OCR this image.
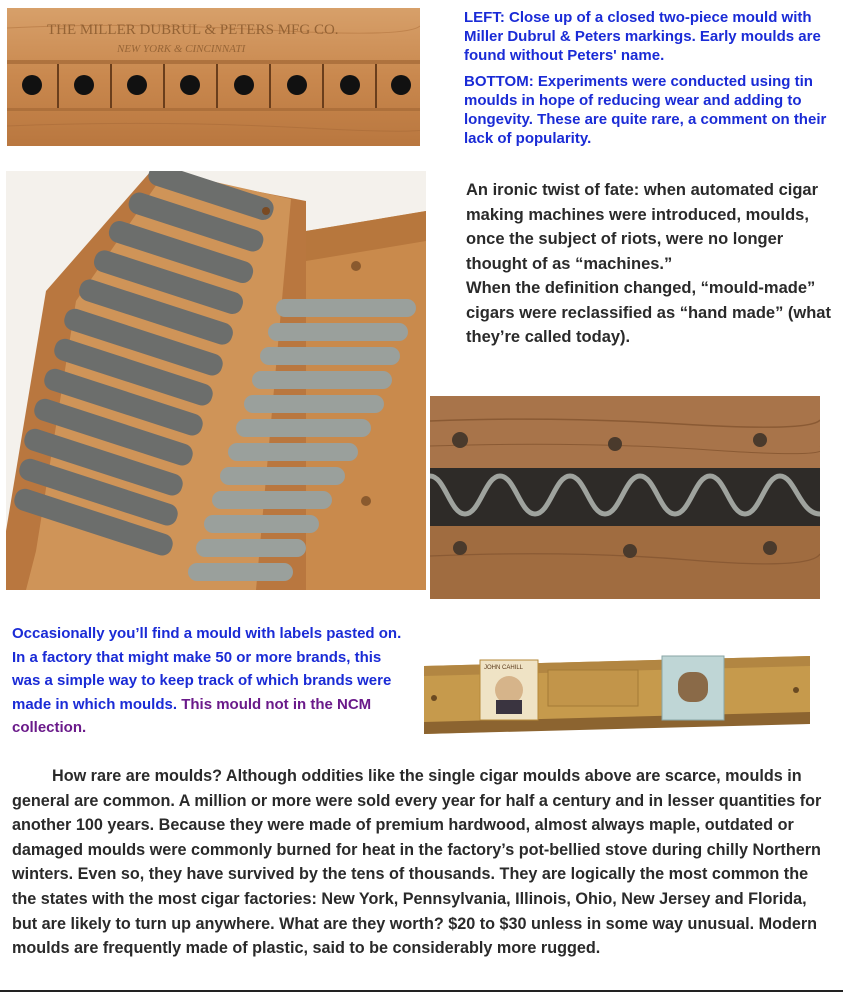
THE MILLER DUBRUL & PETERS MFG CO.
NEW YORK & CINCINNATI
LEFT: Close up of a closed two-piece mould with Miller Dubrul & Peters markings. Early moulds are found without Peters' name.
BOTTOM: Experiments were conducted using tin moulds in hope of reducing wear and adding to longevity. These are quite rare, a comment on their lack of popularity.
An ironic twist of fate: when automated cigar making machines were introduced, moulds, once the subject of riots, were no longer thought of as “machines.”
When the definition changed, “mould-made” cigars were reclassified as “hand made” (what they’re called today).
Occasionally you’ll find a mould with labels pasted on. In a factory that might make 50 or more brands, this was a simple way to keep track of which brands were made in which moulds. This mould not in the NCM collection.
JOHN CAHILL

How rare are moulds? Although oddities like the single cigar moulds above are scarce, moulds in general are common. A million or more were sold every year for half a century and in lesser quantities for another 100 years. Because they were made of premium hardwood, almost always maple, outdated or damaged moulds were commonly burned for heat in the factory’s pot-bellied stove during chilly Northern winters. Even so, they have survived by the tens of thousands. They are logically the most common the the states with the most cigar factories: New York, Pennsylvania, Illinois, Ohio, New Jersey and Florida, but are likely to turn up anywhere. What are they worth? $20 to $30 unless in some way unusual. Modern moulds are frequently made of plastic, said to be considerably more rugged.
